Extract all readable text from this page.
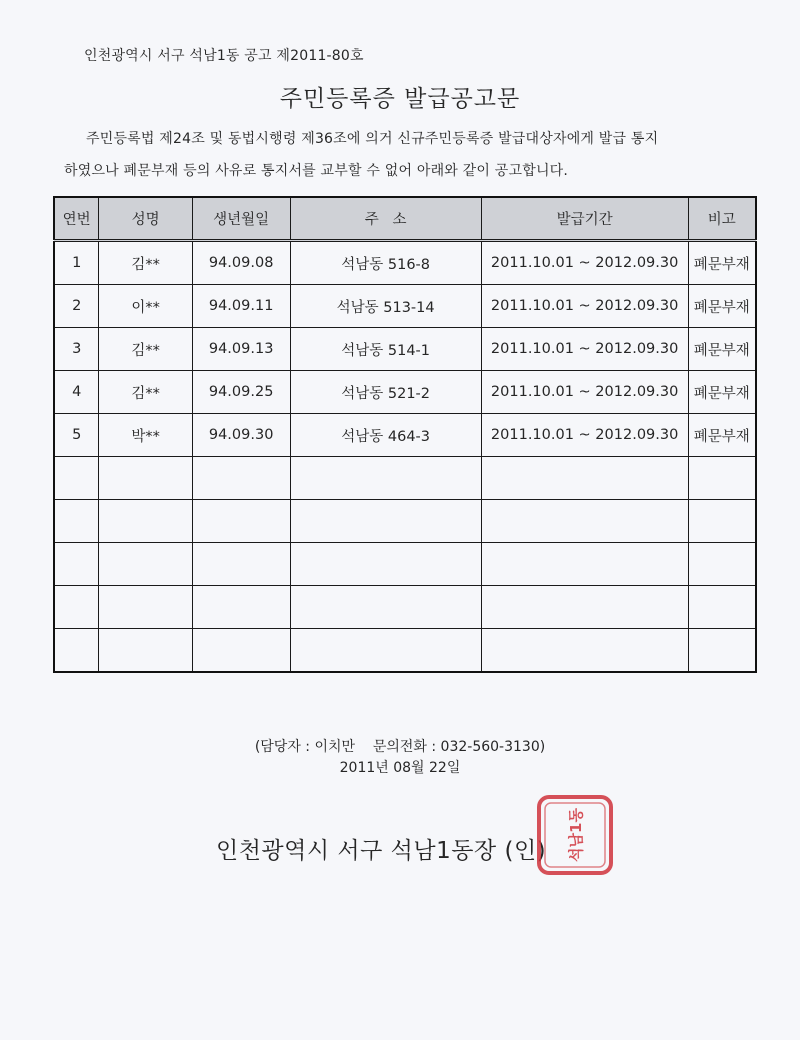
인천광역시 서구 석남1동 공고 제2011-80호
주민등록증 발급공고문
주민등록법 제24조 및 동법시행령 제36조에 의거 신규주민등록증 발급대상자에게 발급 통지
하였으나 폐문부재 등의 사유로 통지서를 교부할 수 없어 아래와 같이 공고합니다.
연번	성명	생년월일	주   소	발급기간	비고
1	김**	94.09.08	석남동 516-8	2011.10.01 ~ 2012.09.30	폐문부재
2	이**	94.09.11	석남동 513-14	2011.10.01 ~ 2012.09.30	폐문부재
3	김**	94.09.13	석남동 514-1	2011.10.01 ~ 2012.09.30	폐문부재
4	김**	94.09.25	석남동 521-2	2011.10.01 ~ 2012.09.30	폐문부재
5	박**	94.09.30	석남동 464-3	2011.10.01 ~ 2012.09.30	폐문부재

(담당자 : 이치만    문의전화 : 032-560-3130)
2011년 08월 22일
인천광역시 서구 석남1동장 (인) 석남1동
